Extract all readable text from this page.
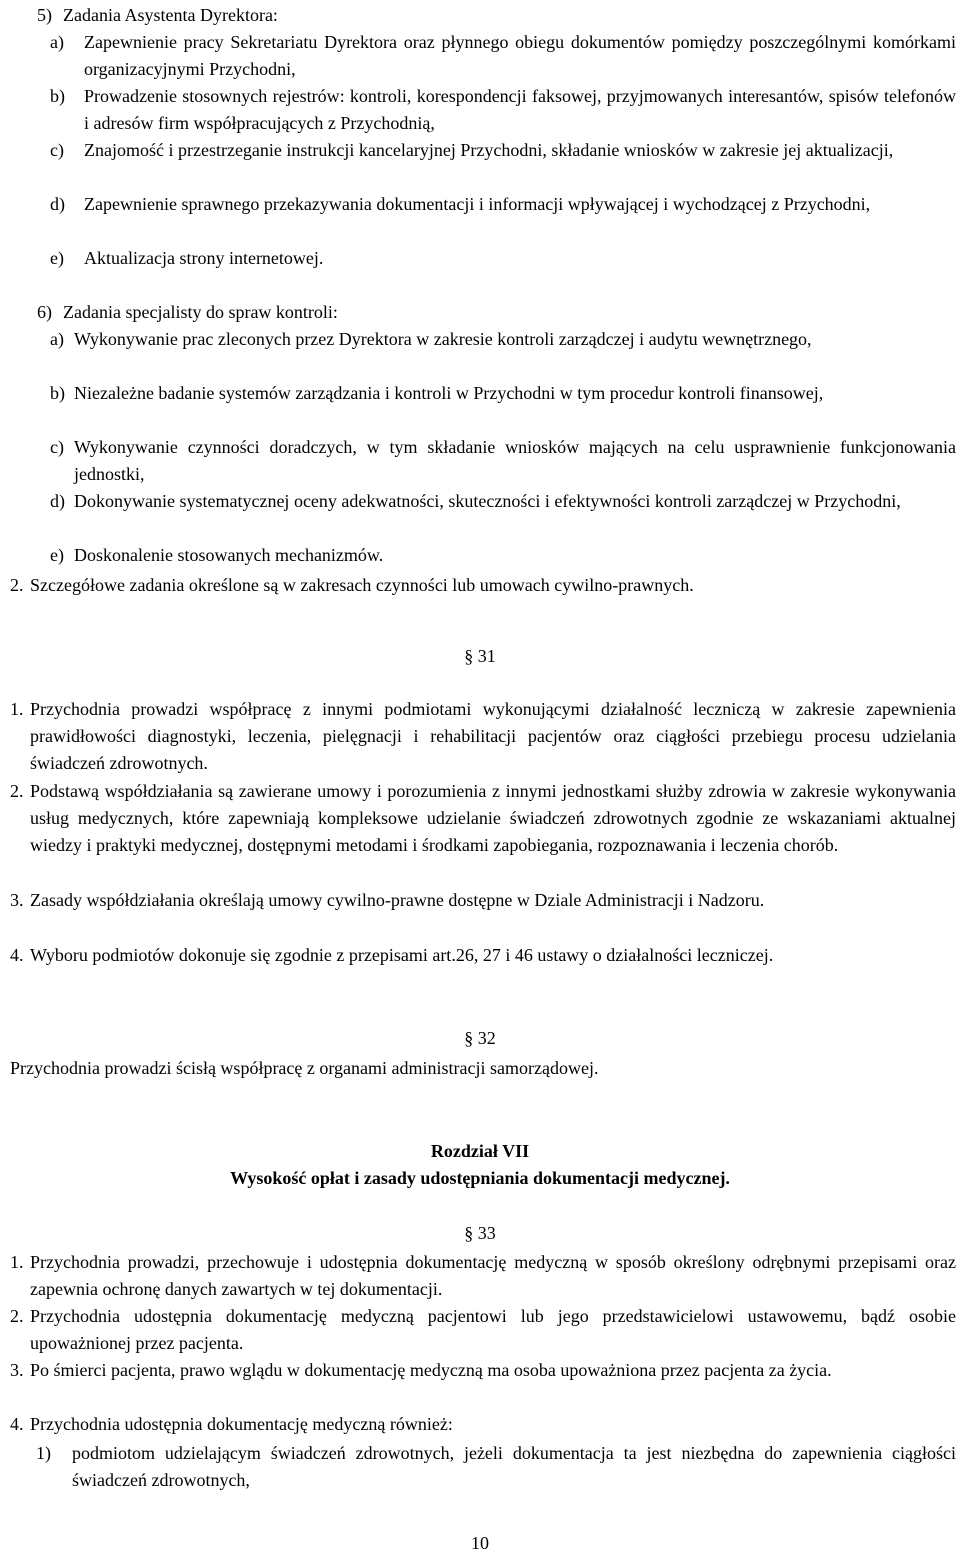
5) Zadania Asystenta Dyrektora:
a)	Zapewnienie pracy Sekretariatu Dyrektora oraz płynnego obiegu dokumentów pomiędzy poszczególnymi komórkami organizacyjnymi Przychodni,
b)	Prowadzenie stosownych rejestrów: kontroli, korespondencji faksowej, przyjmowanych interesantów, spisów telefonów i adresów firm współpracujących z Przychodnią,
c)	Znajomość i przestrzeganie instrukcji kancelaryjnej Przychodni, składanie wniosków w zakresie jej aktualizacji,
d)	Zapewnienie sprawnego przekazywania dokumentacji i informacji wpływającej i wychodzącej z Przychodni,
e)	Aktualizacja strony internetowej.
6) Zadania specjalisty do spraw kontroli:
a) Wykonywanie prac zleconych przez Dyrektora w zakresie kontroli zarządczej i audytu wewnętrznego,
b) Niezależne badanie systemów zarządzania i kontroli w Przychodni w tym procedur kontroli finansowej,
c) Wykonywanie czynności doradczych, w tym składanie wniosków mających na celu usprawnienie funkcjonowania jednostki,
d) Dokonywanie systematycznej oceny adekwatności, skuteczności i efektywności kontroli zarządczej w Przychodni,
e) Doskonalenie stosowanych mechanizmów.
2. Szczegółowe zadania określone są w zakresach czynności lub umowach cywilno-prawnych.
§ 31
1. Przychodnia prowadzi współpracę z innymi podmiotami wykonującymi działalność leczniczą w zakresie zapewnienia prawidłowości diagnostyki, leczenia, pielęgnacji i rehabilitacji pacjentów oraz ciągłości przebiegu procesu udzielania świadczeń zdrowotnych.
2. Podstawą współdziałania są zawierane umowy i porozumienia z innymi jednostkami służby zdrowia w zakresie wykonywania usług medycznych, które zapewniają kompleksowe udzielanie świadczeń zdrowotnych zgodnie ze wskazaniami aktualnej wiedzy i praktyki medycznej, dostępnymi metodami i środkami zapobiegania, rozpoznawania i leczenia chorób.
3. Zasady współdziałania określają umowy cywilno-prawne dostępne w Dziale Administracji i Nadzoru.
4. Wyboru podmiotów dokonuje się zgodnie z przepisami art.26, 27 i 46 ustawy o działalności leczniczej.
§ 32
Przychodnia prowadzi ścisłą współpracę z organami administracji samorządowej.
Rozdział VII
Wysokość opłat i zasady udostępniania dokumentacji medycznej.
§ 33
1. Przychodnia prowadzi, przechowuje i udostępnia dokumentację medyczną w sposób określony odrębnymi przepisami oraz zapewnia ochronę danych zawartych w tej dokumentacji.
2. Przychodnia udostępnia dokumentację medyczną pacjentowi lub jego przedstawicielowi ustawowemu, bądź osobie upoważnionej przez pacjenta.
3. Po śmierci pacjenta, prawo wglądu w dokumentację medyczną ma osoba upoważniona przez pacjenta za życia.
4. Przychodnia udostępnia dokumentację medyczną również:
1)	podmiotom udzielającym świadczeń zdrowotnych, jeżeli dokumentacja ta jest niezbędna do zapewnienia ciągłości świadczeń zdrowotnych,
10
